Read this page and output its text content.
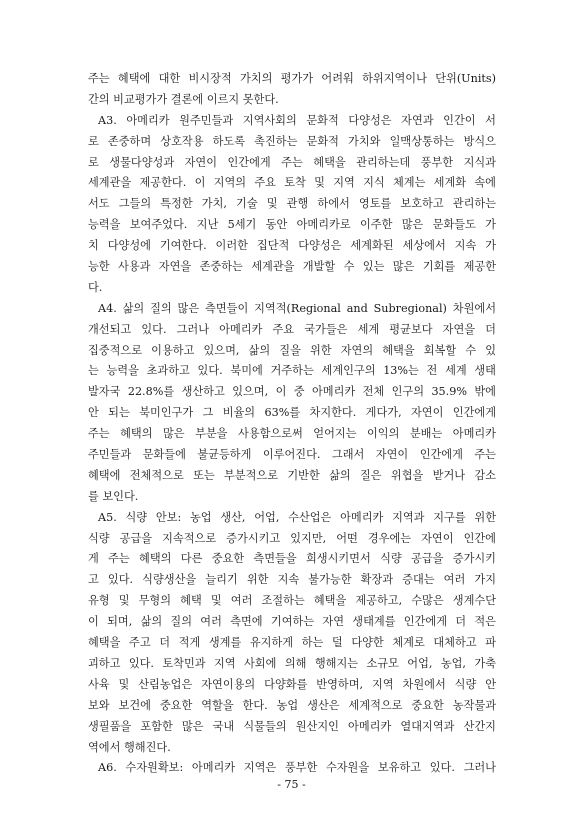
주는 혜택에 대한 비시장적 가치의 평가가 어려워 하위지역이나 단위(Units)
간의 비교평가가 결론에 이르지 못한다.
A3. 아메리카 원주민들과 지역사회의 문화적 다양성은 자연과 인간이 서
로 존중하며 상호작용 하도록 촉진하는 문화적 가치와 일맥상통하는 방식으
로 생물다양성과 자연이 인간에게 주는 혜택을 관리하는데 풍부한 지식과
세계관을 제공한다. 이 지역의 주요 토착 및 지역 지식 체계는 세계화 속에
서도 그들의 특정한 가치, 기술 및 관행 하에서 영토를 보호하고 관리하는
능력을 보여주었다. 지난 5세기 동안 아메리카로 이주한 많은 문화들도 가
치 다양성에 기여한다. 이러한 집단적 다양성은 세계화된 세상에서 지속 가
능한 사용과 자연을 존중하는 세계관을 개발할 수 있는 많은 기회를 제공한
다.
A4. 삶의 질의 많은 측면들이 지역적(Regional and Subregional) 차원에서
개선되고 있다. 그러나 아메리카 주요 국가들은 세계 평균보다 자연을 더
집중적으로 이용하고 있으며, 삶의 질을 위한 자연의 혜택을 회복할 수 있
는 능력을 초과하고 있다. 북미에 거주하는 세계인구의 13%는 전 세계 생태
발자국 22.8%를 생산하고 있으며, 이 중 아메리카 전체 인구의 35.9% 밖에
안 되는 북미인구가 그 비율의 63%를 차지한다. 게다가, 자연이 인간에게
주는 혜택의 많은 부분을 사용함으로써 얻어지는 이익의 분배는 아메리카
주민들과 문화들에 불균등하게 이루어진다. 그래서 자연이 인간에게 주는
혜택에 전체적으로 또는 부분적으로 기반한 삶의 질은 위협을 받거나 감소
를 보인다.
A5. 식량 안보: 농업 생산, 어업, 수산업은 아메리카 지역과 지구를 위한
식량 공급을 지속적으로 증가시키고 있지만, 어떤 경우에는 자연이 인간에
게 주는 혜택의 다른 중요한 측면들을 희생시키면서 식량 공급을 증가시키
고 있다. 식량생산을 늘리기 위한 지속 불가능한 확장과 증대는 여러 가지
유형 및 무형의 혜택 및 여러 조절하는 혜택을 제공하고, 수많은 생계수단
이 되며, 삶의 질의 여러 측면에 기여하는 자연 생태계를 인간에게 더 적은
혜택을 주고 더 적게 생계를 유지하게 하는 덜 다양한 체계로 대체하고 파
괴하고 있다. 토착민과 지역 사회에 의해 행해지는 소규모 어업, 농업, 가축
사육 및 산림농업은 자연이용의 다양화를 반영하며, 지역 차원에서 식량 안
보와 보건에 중요한 역할을 한다. 농업 생산은 세계적으로 중요한 농작물과
생필품을 포함한 많은 국내 식물들의 원산지인 아메리카 열대지역과 산간지
역에서 행해진다.
A6. 수자원확보: 아메리카 지역은 풍부한 수자원을 보유하고 있다. 그러나
- 75 -
